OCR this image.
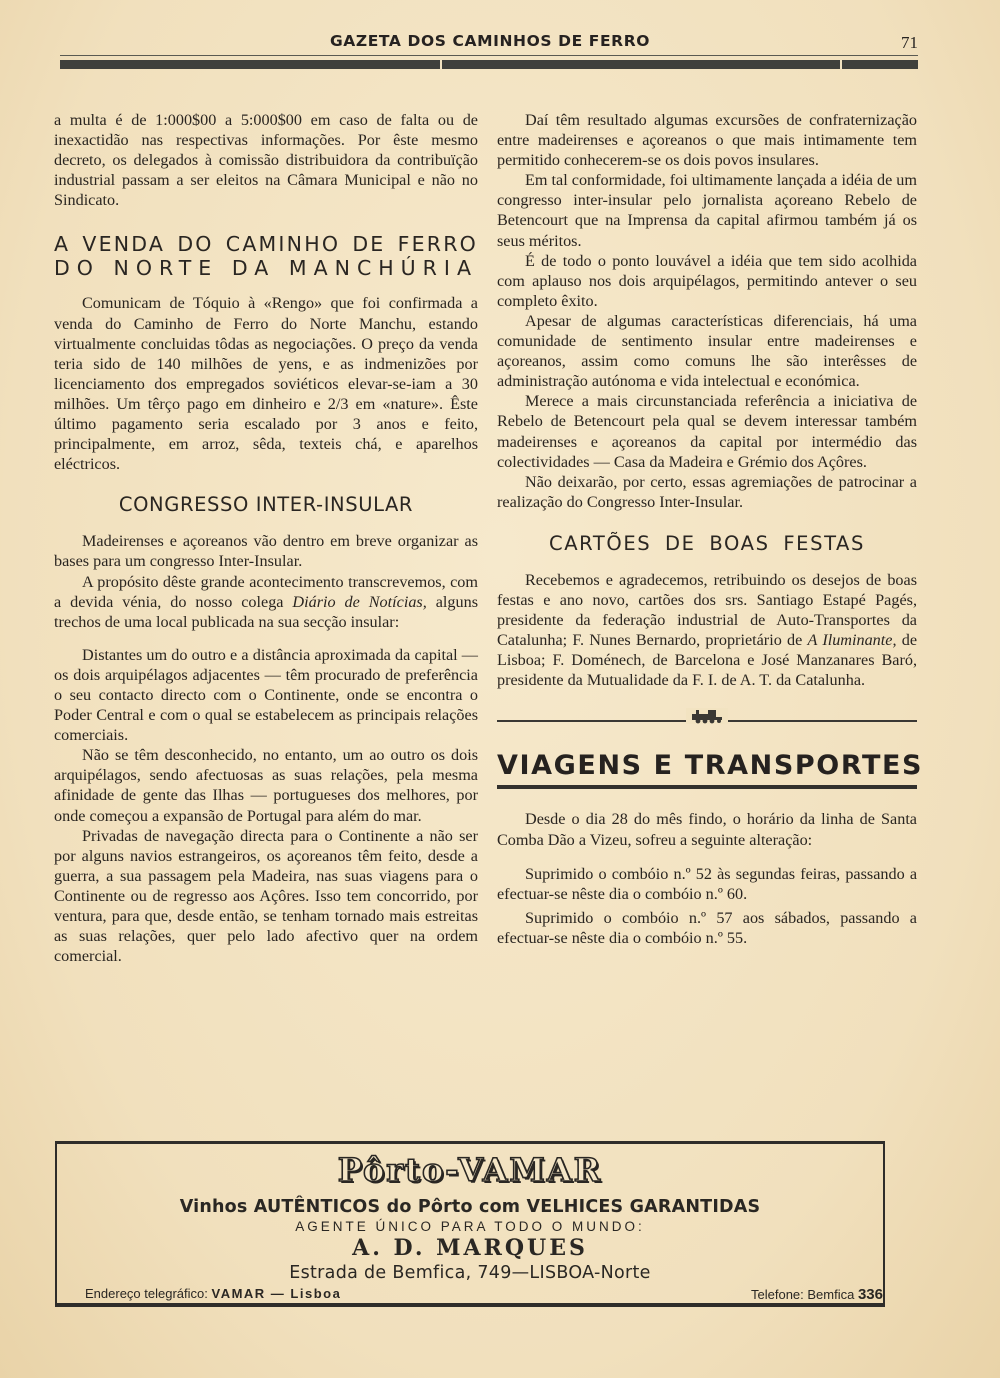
GAZETA DOS CAMINHOS DE FERRO	71

a multa é de 1:000$00 a 5:000$00 em caso de falta ou de inexactidão nas respectivas informações. Por êste mesmo decreto, os delegados à comissão distribuidora da contribuïção industrial passam a ser eleitos na Câmara Municipal e não no Sindicato.

A VENDA DO CAMINHO DE FERRO
DO NORTE DA MANCHÚRIA

Comunicam de Tóquio à «Rengo» que foi confirmada a venda do Caminho de Ferro do Norte Manchu, estando virtualmente concluidas tôdas as negociações. O preço da venda teria sido de 140 milhões de yens, e as indmenizões por licenciamento dos empregados soviéticos elevar-se-iam a 30 milhões. Um têrço pago em dinheiro e 2/3 em «nature». Êste último pagamento seria escalado por 3 anos e feito, principalmente, em arroz, sêda, texteis chá, e aparelhos eléctricos.

CONGRESSO INTER-INSULAR

Madeirenses e açoreanos vão dentro em breve organizar as bases para um congresso Inter-Insular.

A propósito dêste grande acontecimento transcrevemos, com a devida vénia, do nosso colega Diário de Notícias, alguns trechos de uma local publicada na sua secção insular:

Distantes um do outro e a distância aproximada da capital — os dois arquipélagos adjacentes — têm procurado de preferência o seu contacto directo com o Continente, onde se encontra o Poder Central e com o qual se estabelecem as principais relações comerciais.

Não se têm desconhecido, no entanto, um ao outro os dois arquipélagos, sendo afectuosas as suas relações, pela mesma afinidade de gente das Ilhas — portugueses dos melhores, por onde começou a expansão de Portugal para além do mar.

Privadas de navegação directa para o Continente a não ser por alguns navios estrangeiros, os açoreanos têm feito, desde a guerra, a sua passagem pela Madeira, nas suas viagens para o Continente ou de regresso aos Açôres. Isso tem concorrido, por ventura, para que, desde então, se tenham tornado mais estreitas as suas relações, quer pelo lado afectivo quer na ordem comercial.

Daí têm resultado algumas excursões de confraternização entre madeirenses e açoreanos o que mais intimamente tem permitido conhecerem-se os dois povos insulares.

Em tal conformidade, foi ultimamente lançada a idéia de um congresso inter-insular pelo jornalista açoreano Rebelo de Betencourt que na Imprensa da capital afirmou também já os seus méritos.

É de todo o ponto louvável a idéia que tem sido acolhida com aplauso nos dois arquipélagos, permitindo antever o seu completo êxito.

Apesar de algumas características diferenciais, há uma comunidade de sentimento insular entre madeirenses e açoreanos, assim como comuns lhe são interêsses de administração autónoma e vida intelectual e económica.

Merece a mais circunstanciada referência a iniciativa de Rebelo de Betencourt pela qual se devem interessar também madeirenses e açoreanos da capital por intermédio das colectividades — Casa da Madeira e Grémio dos Açôres.

Não deixarão, por certo, essas agremiações de patrocinar a realização do Congresso Inter-Insular.

CARTÕES DE BOAS FESTAS

Recebemos e agradecemos, retribuindo os desejos de boas festas e ano novo, cartões dos srs. Santiago Estapé Pagés, presidente da federação industrial de Auto-Transportes da Catalunha; F. Nunes Bernardo, proprietário de A Iluminante, de Lisboa; F. Doménech, de Barcelona e José Manzanares Baró, presidente da Mutualidade da F. I. de A. T. da Catalunha.

VIAGENS E TRANSPORTES

Desde o dia 28 do mês findo, o horário da linha de Santa Comba Dão a Vizeu, sofreu a seguinte alteração:

Suprimido o combóio n.º 52 às segundas feiras, passando a efectuar-se nêste dia o combóio n.º 60.

Suprimido o combóio n.º 57 aos sábados, passando a efectuar-se nêste dia o combóio n.º 55.

Pôrto-VAMAR
Vinhos AUTÊNTICOS do Pôrto com VELHICES GARANTIDAS
AGENTE ÚNICO PARA TODO O MUNDO:
A. D. MARQUES
Estrada de Bemfica, 749—LISBOA-Norte
Endereço telegráfico: VAMAR — Lisboa	Telefone: Bemfica 336
